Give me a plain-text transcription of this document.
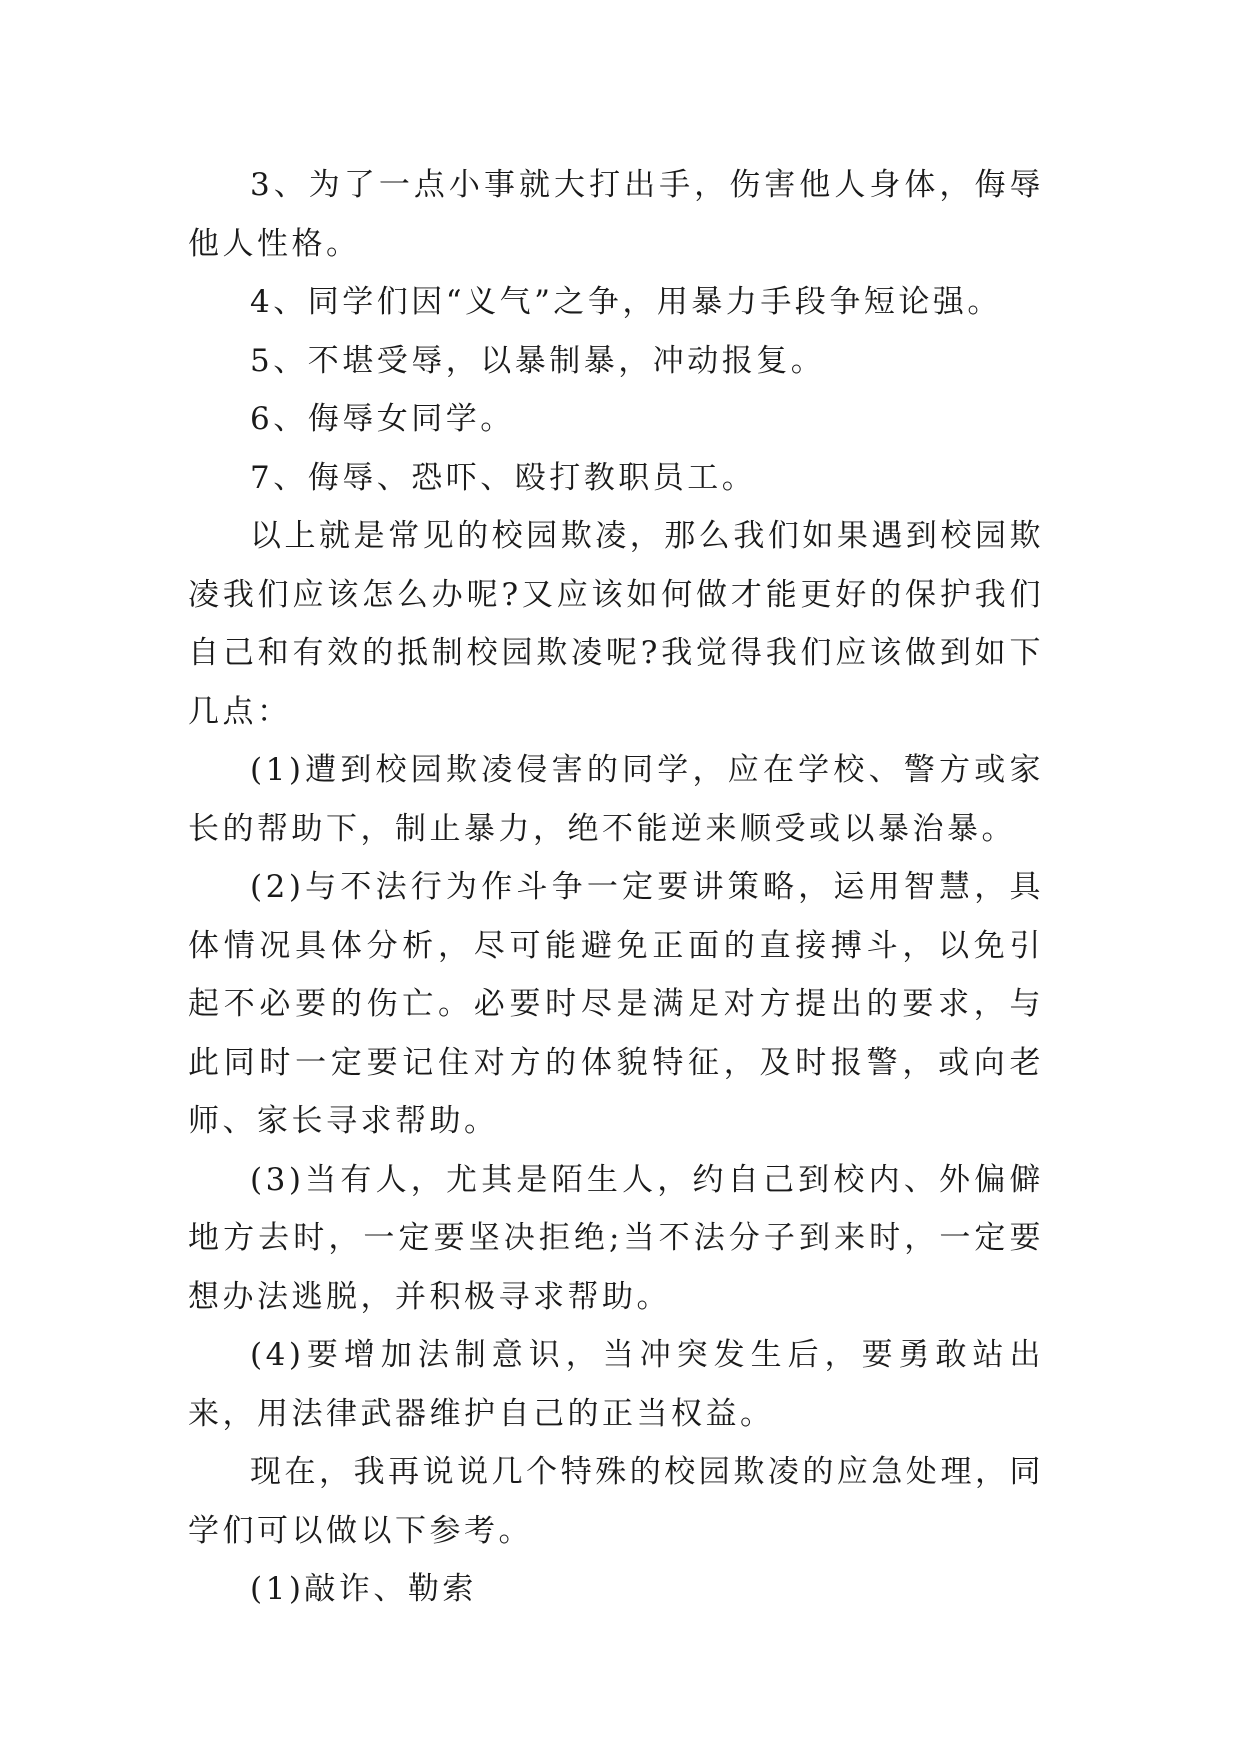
3、为了一点小事就大打出手，伤害他人身体，侮辱他人性格。

4、同学们因“义气”之争，用暴力手段争短论强。

5、不堪受辱，以暴制暴，冲动报复。

6、侮辱女同学。

7、侮辱、恐吓、殴打教职员工。

以上就是常见的校园欺凌，那么我们如果遇到校园欺凌我们应该怎么办呢?又应该如何做才能更好的保护我们自己和有效的抵制校园欺凌呢?我觉得我们应该做到如下几点：

(1)遭到校园欺凌侵害的同学，应在学校、警方或家长的帮助下，制止暴力，绝不能逆来顺受或以暴治暴。

(2)与不法行为作斗争一定要讲策略，运用智慧，具体情况具体分析，尽可能避免正面的直接搏斗，以免引起不必要的伤亡。必要时尽是满足对方提出的要求，与此同时一定要记住对方的体貌特征，及时报警，或向老师、家长寻求帮助。

(3)当有人，尤其是陌生人，约自己到校内、外偏僻地方去时，一定要坚决拒绝;当不法分子到来时，一定要想办法逃脱，并积极寻求帮助。

(4)要增加法制意识，当冲突发生后，要勇敢站出来，用法律武器维护自己的正当权益。

现在，我再说说几个特殊的校园欺凌的应急处理，同学们可以做以下参考。

(1)敲诈、勒索
